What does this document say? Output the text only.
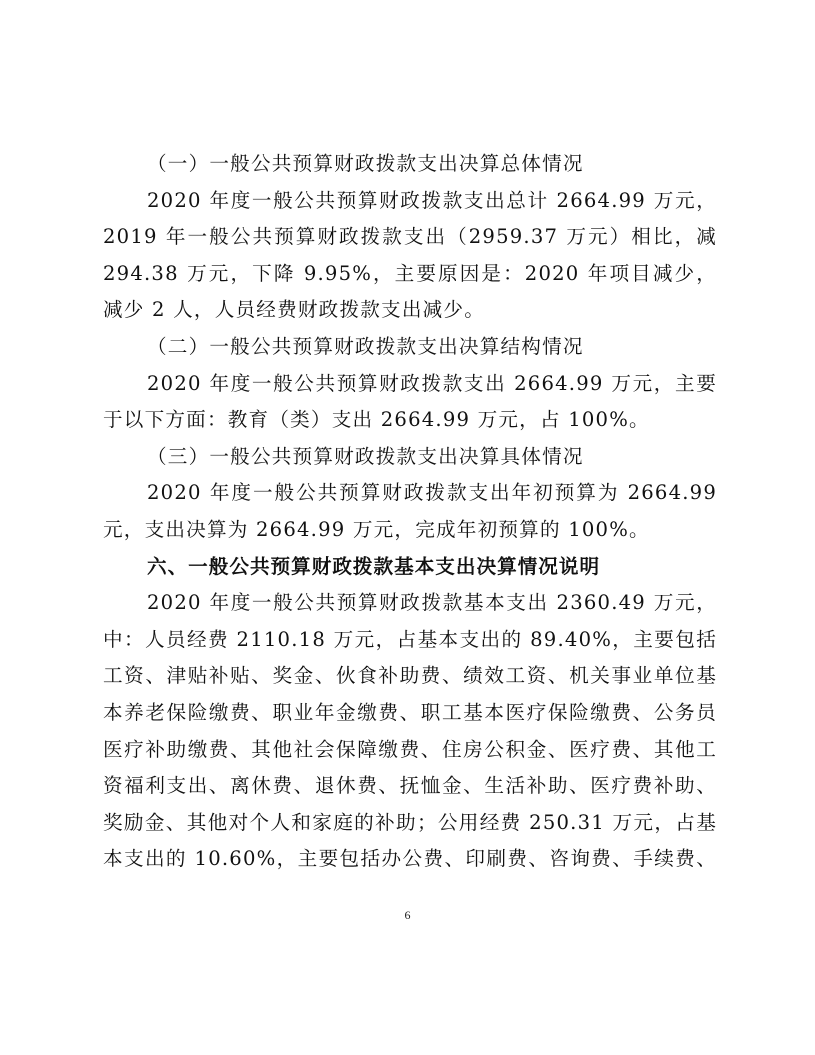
（一）一般公共预算财政拨款支出决算总体情况
2020 年度一般公共预算财政拨款支出总计 2664.99 万元，
2019 年一般公共预算财政拨款支出（2959.37 万元）相比，减
294.38 万元，下降 9.95%，主要原因是：2020 年项目减少，
减少 2 人，人员经费财政拨款支出减少。
（二）一般公共预算财政拨款支出决算结构情况
2020 年度一般公共预算财政拨款支出 2664.99 万元，主要
于以下方面：教育（类）支出 2664.99 万元，占 100%。
（三）一般公共预算财政拨款支出决算具体情况
2020 年度一般公共预算财政拨款支出年初预算为 2664.99
元，支出决算为 2664.99 万元，完成年初预算的 100%。
六、一般公共预算财政拨款基本支出决算情况说明
2020 年度一般公共预算财政拨款基本支出 2360.49 万元，
中：人员经费 2110.18 万元，占基本支出的 89.40%，主要包括
工资、津贴补贴、奖金、伙食补助费、绩效工资、机关事业单位基
本养老保险缴费、职业年金缴费、职工基本医疗保险缴费、公务员
医疗补助缴费、其他社会保障缴费、住房公积金、医疗费、其他工
资福利支出、离休费、退休费、抚恤金、生活补助、医疗费补助、
奖励金、其他对个人和家庭的补助；公用经费 250.31 万元，占基
本支出的 10.60%，主要包括办公费、印刷费、咨询费、手续费、
6
